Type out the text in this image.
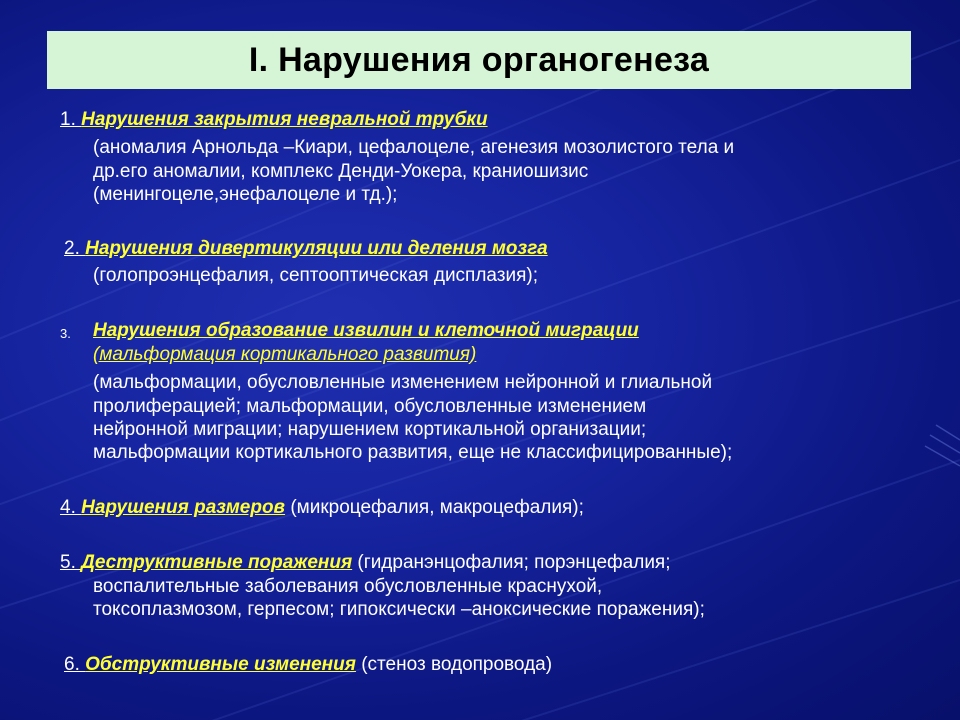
I. Нарушения органогенеза
1. Нарушения закрытия невральной трубки
(аномалия Арнольда –Киари, цефалоцеле, агенезия мозолистого тела и
др.его аномалии, комплекс Денди-Уокера, краниошизис
(менингоцеле,энефалоцеле и тд.);
2. Нарушения дивертикуляции или деления мозга
(голопроэнцефалия, септооптическая дисплазия);
3. Нарушения образование извилин и клеточной миграции
(мальформация кортикального развития)
(мальформации, обусловленные изменением нейронной и глиальной
пролиферацией; мальформации, обусловленные изменением
нейронной миграции; нарушением кортикальной организации;
мальформации кортикального развития, еще не классифицированные);
4. Нарушения размеров (микроцефалия, макроцефалия);
5. Деструктивные поражения (гидранэнцофалия; порэнцефалия;
воспалительные заболевания обусловленные краснухой,
токсоплазмозом, герпесом; гипоксически –аноксические поражения);
6. Обструктивные изменения (стеноз водопровода)
